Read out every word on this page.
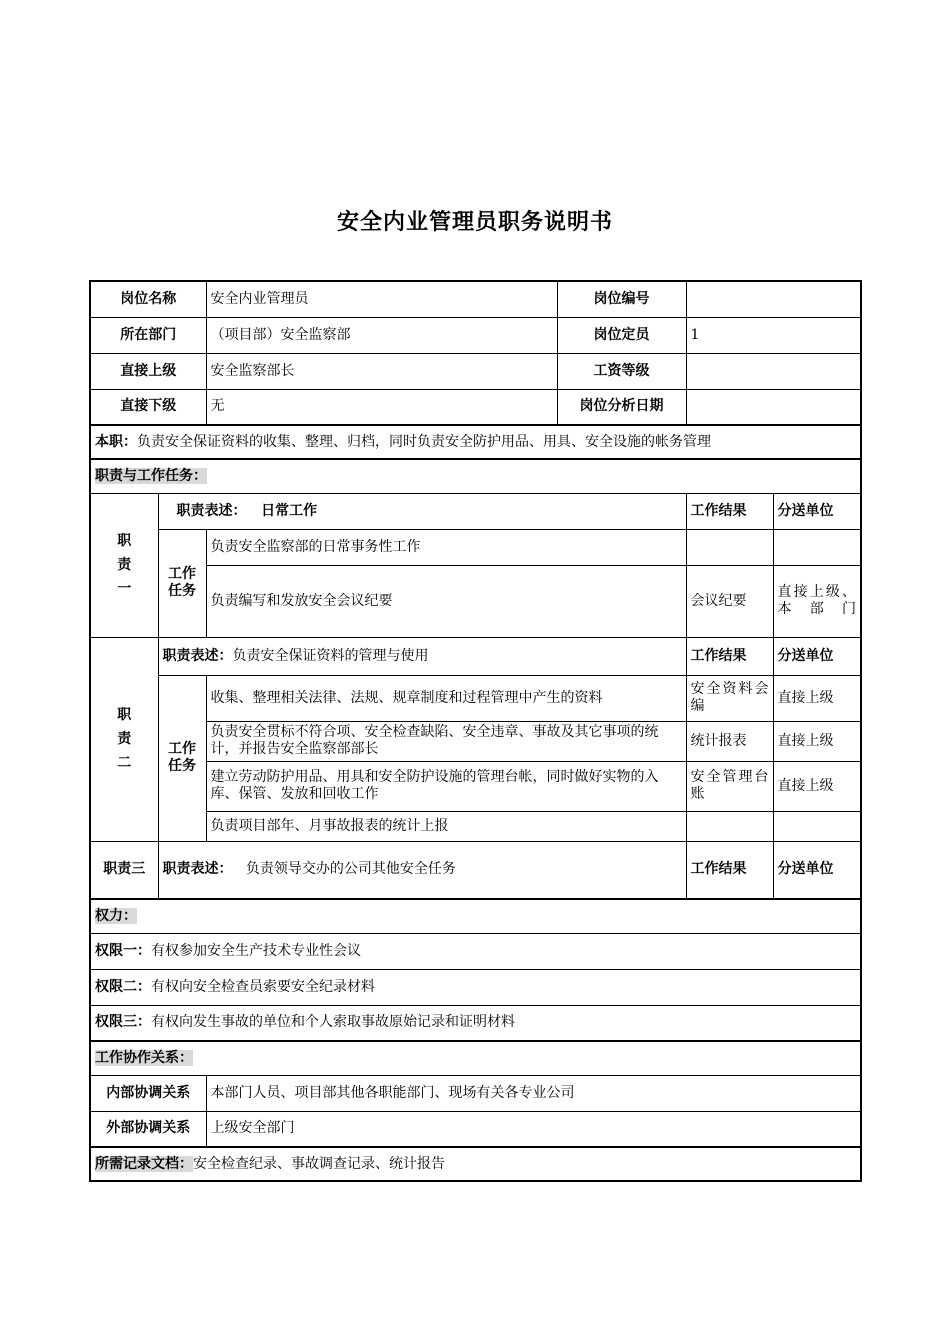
安全内业管理员职务说明书
岗位名称		安全内业管理员	岗位编号		
所在部门		（项目部）安全监察部	岗位定员	1	
直接上级		安全监察部长	工资等级		
直接下级		无	岗位分析日期		
本职：负责安全保证资料的收集、整理、归档，同时负责安全防护用品、用具、安全设施的帐务管理					
职责与工作任务：					

职
责
一	职责表述： 日常工作			工作结果	分送单位
	工作任务	负责安全监察部的日常事务性工作			
		负责编写和发放安全会议纪要		会议纪要	直接上级、本部门

职
责
二	职责表述：负责安全保证资料的管理与使用			工作结果	分送单位
	工作任务	收集、整理相关法律、法规、规章制度和过程管理中产生的资料		安全资料会编	直接上级
		负责安全贯标不符合项、安全检查缺陷、安全违章、事故及其它事项的统计，并报告安全监察部部长		统计报表	直接上级
		建立劳动防护用品、用具和安全防护设施的管理台帐，同时做好实物的入库、保管、发放和回收工作		安全管理台账	直接上级
		负责项目部年、月事故报表的统计上报			
职责三	职责表述： 负责领导交办的公司其他安全任务			工作结果	分送单位
权力：					
权限一：有权参加安全生产技术专业性会议					
权限二：有权向安全检查员索要安全纪录材料					
权限三：有权向发生事故的单位和个人索取事故原始记录和证明材料					
工作协作关系：					
内部协调关系		本部门人员、项目部其他各职能部门、现场有关各专业公司			
外部协调关系		上级安全部门			
所需记录文档：安全检查纪录、事故调查记录、统计报告					
